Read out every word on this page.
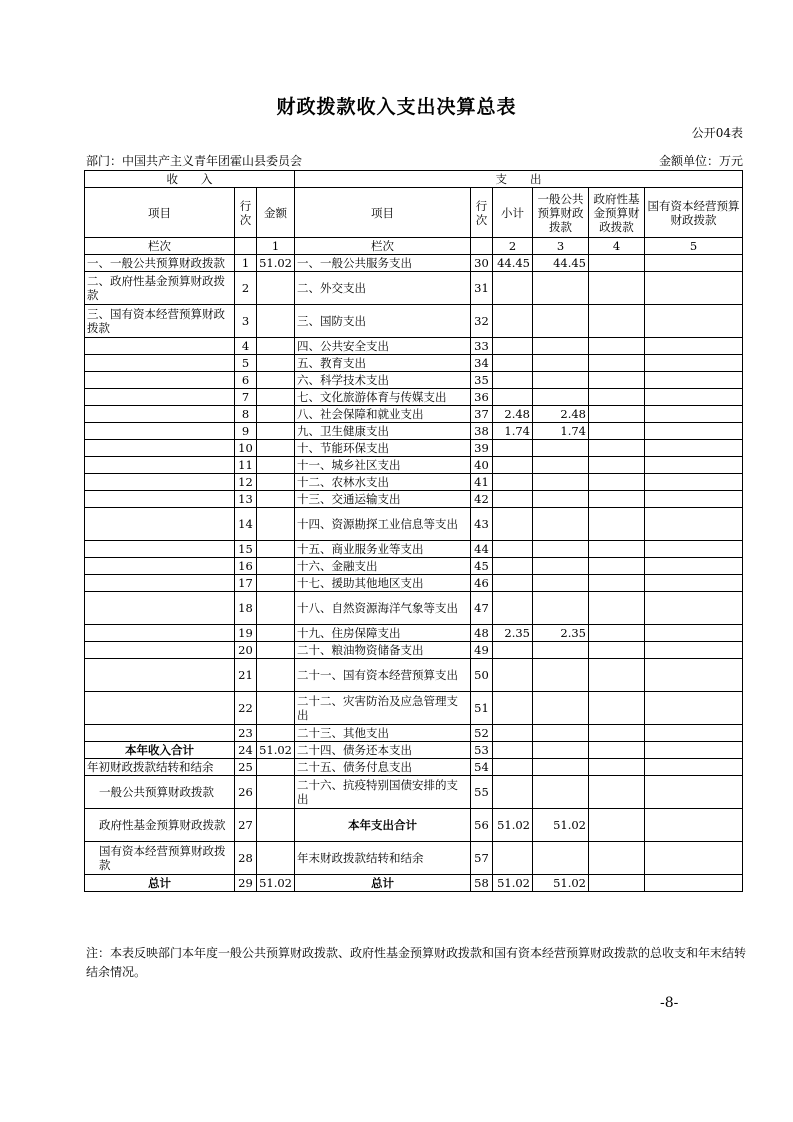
财政拨款收入支出决算总表
公开04表
部门：中国共产主义青年团霍山县委员会	金额单位：万元
收　　入			支　　出					
项目	行次	金额	项目	行次	小计	一般公共预算财政拨款	政府性基金预算财政拨款	国有资本经营预算财政拨款
栏次		1	栏次		2	3	4	5
一、一般公共预算财政拨款	1	51.02	一、一般公共服务支出	30	44.45	44.45		
二、政府性基金预算财政拨款	2		二、外交支出	31				
三、国有资本经营预算财政拨款	3		三、国防支出	32				
	4		四、公共安全支出	33				
	5		五、教育支出	34				
	6		六、科学技术支出	35				
	7		七、文化旅游体育与传媒支出	36				
	8		八、社会保障和就业支出	37	2.48	2.48		
	9		九、卫生健康支出	38	1.74	1.74		
	10		十、节能环保支出	39				
	11		十一、城乡社区支出	40				
	12		十二、农林水支出	41				
	13		十三、交通运输支出	42				
	14		十四、资源勘探工业信息等支出	43				
	15		十五、商业服务业等支出	44				
	16		十六、金融支出	45				
	17		十七、援助其他地区支出	46				
	18		十八、自然资源海洋气象等支出	47				
	19		十九、住房保障支出	48	2.35	2.35		
	20		二十、粮油物资储备支出	49				
	21		二十一、国有资本经营预算支出	50				
	22		二十二、灾害防治及应急管理支出	51				
	23		二十三、其他支出	52				
本年收入合计	24	51.02	二十四、债务还本支出	53				
年初财政拨款结转和结余	25		二十五、债务付息支出	54				
一般公共预算财政拨款	26		二十六、抗疫特别国债安排的支出	55				
政府性基金预算财政拨款	27		本年支出合计	56	51.02	51.02		
国有资本经营预算财政拨款	28		年末财政拨款结转和结余	57				
总计	29	51.02	总计	58	51.02	51.02		
注：本表反映部门本年度一般公共预算财政拨款、政府性基金预算财政拨款和国有资本经营预算财政拨款的总收支和年末结转结余情况。
-8-
